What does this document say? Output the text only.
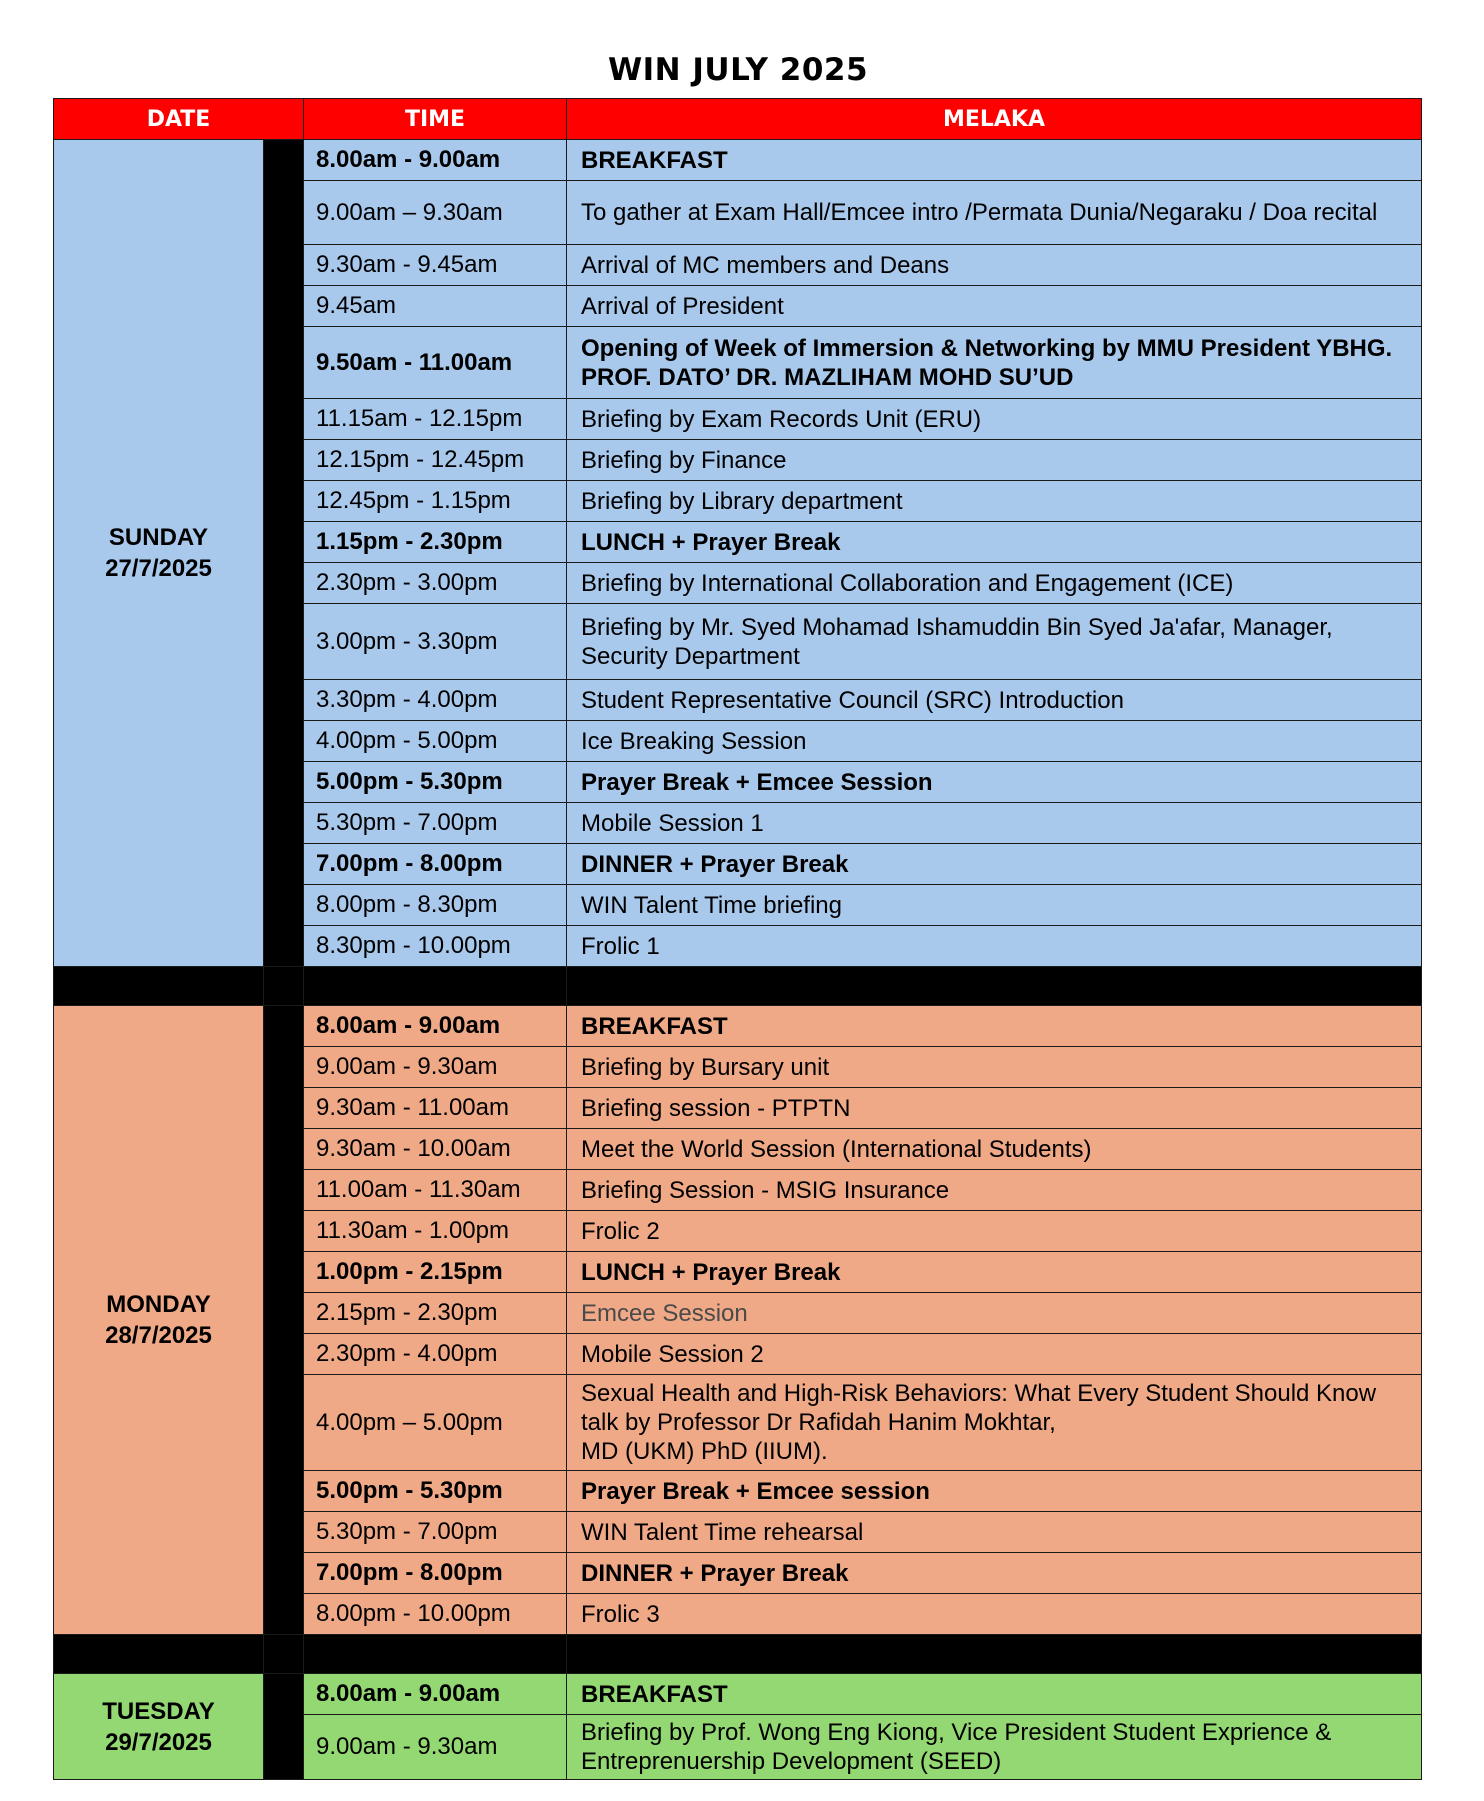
WIN JULY 2025
DATE		TIME	MELAKA

SUNDAY
27/7/2025		8.00am - 9.00am	BREAKFAST

		9.00am – 9.30am	To gather at Exam Hall/Emcee intro /Permata Dunia/Negaraku / Doa recital

		9.30am - 9.45am	Arrival of MC members and Deans

		9.45am	Arrival of President

		9.50am - 11.00am	Opening of Week of Immersion & Networking by MMU President YBHG. PROF. DATO’ DR. MAZLIHAM MOHD SU’UD

		11.15am - 12.15pm	Briefing by Exam Records Unit (ERU)

		12.15pm - 12.45pm	Briefing by Finance

		12.45pm - 1.15pm	Briefing by Library department

		1.15pm - 2.30pm	LUNCH + Prayer Break

		2.30pm - 3.00pm	Briefing by International Collaboration and Engagement (ICE)

		3.00pm - 3.30pm	Briefing by Mr. Syed Mohamad Ishamuddin Bin Syed Ja'afar, Manager, Security Department

		3.30pm - 4.00pm	Student Representative Council (SRC) Introduction

		4.00pm - 5.00pm	Ice Breaking Session

		5.00pm - 5.30pm	Prayer Break + Emcee Session

		5.30pm - 7.00pm	Mobile Session 1

		7.00pm - 8.00pm	DINNER + Prayer Break

		8.00pm - 8.30pm	WIN Talent Time briefing

		8.30pm - 10.00pm	Frolic 1

MONDAY
28/7/2025		8.00am - 9.00am	BREAKFAST

		9.00am - 9.30am	Briefing by Bursary unit

		9.30am - 11.00am	Briefing session - PTPTN

		9.30am - 10.00am	Meet the World Session (International Students)

		11.00am - 11.30am	Briefing Session - MSIG Insurance

		11.30am - 1.00pm	Frolic 2

		1.00pm - 2.15pm	LUNCH + Prayer Break

		2.15pm - 2.30pm	Emcee Session

		2.30pm - 4.00pm	Mobile Session 2

		4.00pm – 5.00pm	Sexual Health and High-Risk Behaviors: What Every Student Should Know talk by Professor Dr Rafidah Hanim Mokhtar,
MD (UKM) PhD (IIUM).

		5.00pm - 5.30pm	Prayer Break + Emcee session

		5.30pm - 7.00pm	WIN Talent Time rehearsal

		7.00pm - 8.00pm	DINNER + Prayer Break

		8.00pm - 10.00pm	Frolic 3

TUESDAY
29/7/2025		8.00am - 9.00am	BREAKFAST

		9.00am - 9.30am	Briefing by Prof. Wong Eng Kiong, Vice President Student Exprience & Entreprenuership Development (SEED)
